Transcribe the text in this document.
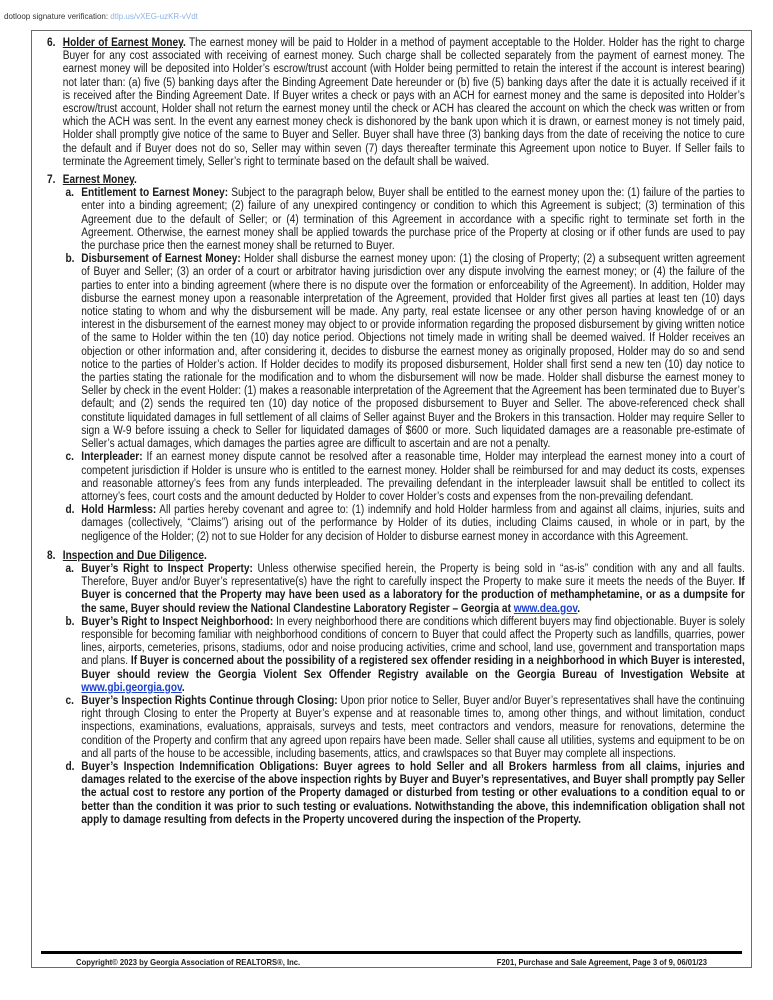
dotloop signature verification: dtlp.us/vXEG-uzKR-vVdt
6. Holder of Earnest Money. The earnest money will be paid to Holder in a method of payment acceptable to the Holder. Holder has the right to charge Buyer for any cost associated with receiving of earnest money. Such charge shall be collected separately from the payment of earnest money. The earnest money will be deposited into Holder’s escrow/trust account (with Holder being permitted to retain the interest if the account is interest bearing) not later than: (a) five (5) banking days after the Binding Agreement Date hereunder or (b) five (5) banking days after the date it is actually received if it is received after the Binding Agreement Date. If Buyer writes a check or pays with an ACH for earnest money and the same is deposited into Holder’s escrow/trust account, Holder shall not return the earnest money until the check or ACH has cleared the account on which the check was written or from which the ACH was sent. In the event any earnest money check is dishonored by the bank upon which it is drawn, or earnest money is not timely paid, Holder shall promptly give notice of the same to Buyer and Seller. Buyer shall have three (3) banking days from the date of receiving the notice to cure the default and if Buyer does not do so, Seller may within seven (7) days thereafter terminate this Agreement upon notice to Buyer. If Seller fails to terminate the Agreement timely, Seller’s right to terminate based on the default shall be waived.
7. Earnest Money.
a. Entitlement to Earnest Money: Subject to the paragraph below, Buyer shall be entitled to the earnest money upon the: (1) failure of the parties to enter into a binding agreement; (2) failure of any unexpired contingency or condition to which this Agreement is subject; (3) termination of this Agreement due to the default of Seller; or (4) termination of this Agreement in accordance with a specific right to terminate set forth in the Agreement. Otherwise, the earnest money shall be applied towards the purchase price of the Property at closing or if other funds are used to pay the purchase price then the earnest money shall be returned to Buyer.
b. Disbursement of Earnest Money: Holder shall disburse the earnest money upon: (1) the closing of Property; (2) a subsequent written agreement of Buyer and Seller; (3) an order of a court or arbitrator having jurisdiction over any dispute involving the earnest money; or (4) the failure of the parties to enter into a binding agreement (where there is no dispute over the formation or enforceability of the Agreement). In addition, Holder may disburse the earnest money upon a reasonable interpretation of the Agreement, provided that Holder first gives all parties at least ten (10) days notice stating to whom and why the disbursement will be made. Any party, real estate licensee or any other person having knowledge of or an interest in the disbursement of the earnest money may object to or provide information regarding the proposed disbursement by giving written notice of the same to Holder within the ten (10) day notice period. Objections not timely made in writing shall be deemed waived. If Holder receives an objection or other information and, after considering it, decides to disburse the earnest money as originally proposed, Holder may do so and send notice to the parties of Holder’s action. If Holder decides to modify its proposed disbursement, Holder shall first send a new ten (10) day notice to the parties stating the rationale for the modification and to whom the disbursement will now be made. Holder shall disburse the earnest money to Seller by check in the event Holder: (1) makes a reasonable interpretation of the Agreement that the Agreement has been terminated due to Buyer’s default; and (2) sends the required ten (10) day notice of the proposed disbursement to Buyer and Seller. The above-referenced check shall constitute liquidated damages in full settlement of all claims of Seller against Buyer and the Brokers in this transaction. Holder may require Seller to sign a W-9 before issuing a check to Seller for liquidated damages of $600 or more. Such liquidated damages are a reasonable pre-estimate of Seller’s actual damages, which damages the parties agree are difficult to ascertain and are not a penalty.
c. Interpleader: If an earnest money dispute cannot be resolved after a reasonable time, Holder may interplead the earnest money into a court of competent jurisdiction if Holder is unsure who is entitled to the earnest money. Holder shall be reimbursed for and may deduct its costs, expenses and reasonable attorney’s fees from any funds interpleaded. The prevailing defendant in the interpleader lawsuit shall be entitled to collect its attorney’s fees, court costs and the amount deducted by Holder to cover Holder’s costs and expenses from the non-prevailing defendant.
d. Hold Harmless: All parties hereby covenant and agree to: (1) indemnify and hold Holder harmless from and against all claims, injuries, suits and damages (collectively, “Claims”) arising out of the performance by Holder of its duties, including Claims caused, in whole or in part, by the negligence of the Holder; (2) not to sue Holder for any decision of Holder to disburse earnest money in accordance with this Agreement.
8. Inspection and Due Diligence.
a. Buyer’s Right to Inspect Property: Unless otherwise specified herein, the Property is being sold in “as-is” condition with any and all faults. Therefore, Buyer and/or Buyer’s representative(s) have the right to carefully inspect the Property to make sure it meets the needs of the Buyer. If Buyer is concerned that the Property may have been used as a laboratory for the production of methamphetamine, or as a dumpsite for the same, Buyer should review the National Clandestine Laboratory Register – Georgia at www.dea.gov.
b. Buyer’s Right to Inspect Neighborhood: In every neighborhood there are conditions which different buyers may find objectionable. Buyer is solely responsible for becoming familiar with neighborhood conditions of concern to Buyer that could affect the Property such as landfills, quarries, power lines, airports, cemeteries, prisons, stadiums, odor and noise producing activities, crime and school, land use, government and transportation maps and plans. If Buyer is concerned about the possibility of a registered sex offender residing in a neighborhood in which Buyer is interested, Buyer should review the Georgia Violent Sex Offender Registry available on the Georgia Bureau of Investigation Website at www.gbi.georgia.gov.
c. Buyer’s Inspection Rights Continue through Closing: Upon prior notice to Seller, Buyer and/or Buyer’s representatives shall have the continuing right through Closing to enter the Property at Buyer’s expense and at reasonable times to, among other things, and without limitation, conduct inspections, examinations, evaluations, appraisals, surveys and tests, meet contractors and vendors, measure for renovations, determine the condition of the Property and confirm that any agreed upon repairs have been made. Seller shall cause all utilities, systems and equipment to be on and all parts of the house to be accessible, including basements, attics, and crawlspaces so that Buyer may complete all inspections.
d. Buyer’s Inspection Indemnification Obligations: Buyer agrees to hold Seller and all Brokers harmless from all claims, injuries and damages related to the exercise of the above inspection rights by Buyer and Buyer’s representatives, and Buyer shall promptly pay Seller the actual cost to restore any portion of the Property damaged or disturbed from testing or other evaluations to a condition equal to or better than the condition it was prior to such testing or evaluations. Notwithstanding the above, this indemnification obligation shall not apply to damage resulting from defects in the Property uncovered during the inspection of the Property.
Copyright© 2023 by Georgia Association of REALTORS®, Inc.	F201, Purchase and Sale Agreement, Page 3 of 9, 06/01/23
